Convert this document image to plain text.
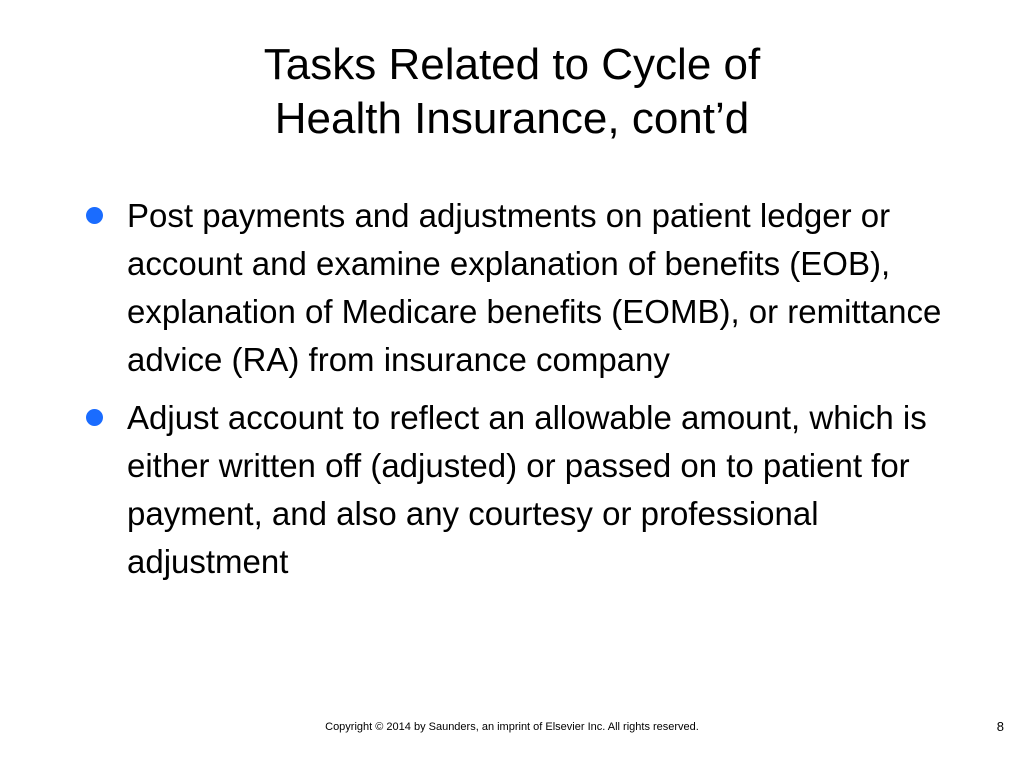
Tasks Related to Cycle of
Health Insurance, cont’d
Post payments and adjustments on patient ledger or account and examine explanation of benefits (EOB), explanation of Medicare benefits (EOMB), or remittance advice (RA) from insurance company
Adjust account to reflect an allowable amount, which is either written off (adjusted) or passed on to patient for payment, and also any courtesy or professional adjustment
Copyright © 2014 by Saunders, an imprint of Elsevier Inc. All rights reserved.	8
